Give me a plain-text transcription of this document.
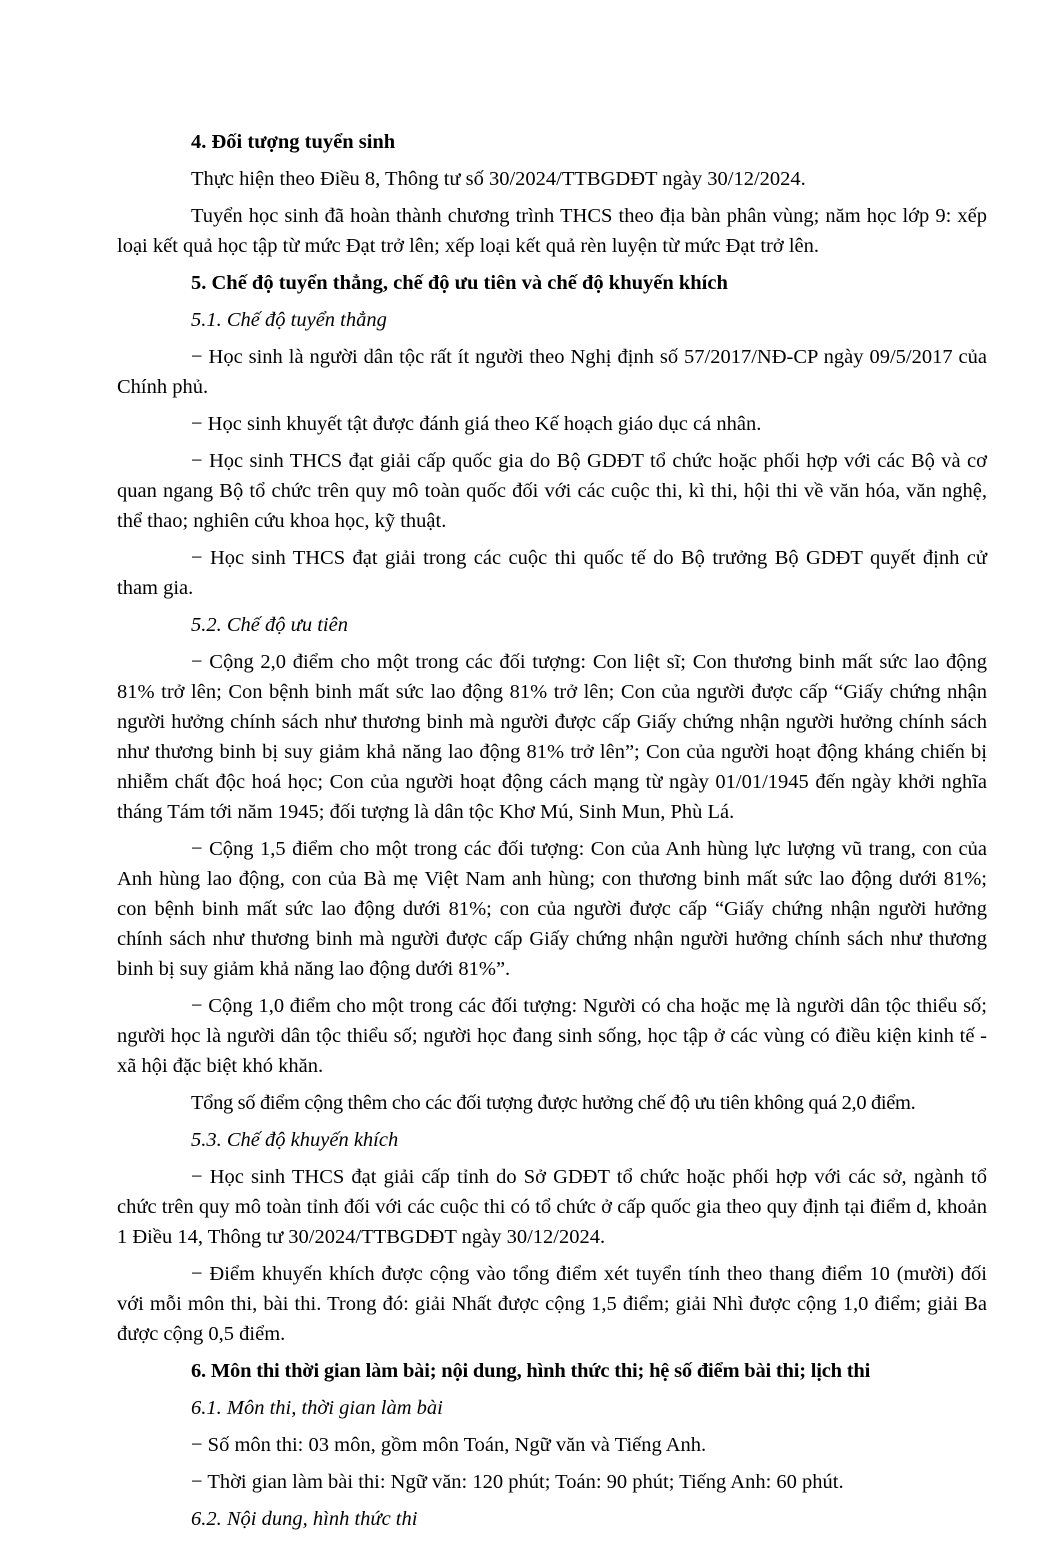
4. Đối tượng tuyển sinh

Thực hiện theo Điều 8, Thông tư số 30/2024/TTBGDĐT ngày 30/12/2024.

Tuyển học sinh đã hoàn thành chương trình THCS theo địa bàn phân vùng; năm học lớp 9: xếp loại kết quả học tập từ mức Đạt trở lên; xếp loại kết quả rèn luyện từ mức Đạt trở lên.

5. Chế độ tuyển thẳng, chế độ ưu tiên và chế độ khuyến khích

5.1. Chế độ tuyển thẳng

− Học sinh là người dân tộc rất ít người theo Nghị định số 57/2017/NĐ-CP ngày 09/5/2017 của Chính phủ.

− Học sinh khuyết tật được đánh giá theo Kế hoạch giáo dục cá nhân.

− Học sinh THCS đạt giải cấp quốc gia do Bộ GDĐT tổ chức hoặc phối hợp với các Bộ và cơ quan ngang Bộ tổ chức trên quy mô toàn quốc đối với các cuộc thi, kì thi, hội thi về văn hóa, văn nghệ, thể thao; nghiên cứu khoa học, kỹ thuật.

− Học sinh THCS đạt giải trong các cuộc thi quốc tế do Bộ trưởng Bộ GDĐT quyết định cử tham gia.

5.2. Chế độ ưu tiên

− Cộng 2,0 điểm cho một trong các đối tượng: Con liệt sĩ; Con thương binh mất sức lao động 81% trở lên; Con bệnh binh mất sức lao động 81% trở lên; Con của người được cấp “Giấy chứng nhận người hưởng chính sách như thương binh mà người được cấp Giấy chứng nhận người hưởng chính sách như thương binh bị suy giảm khả năng lao động 81% trở lên”; Con của người hoạt động kháng chiến bị nhiễm chất độc hoá học; Con của người hoạt động cách mạng từ ngày 01/01/1945 đến ngày khởi nghĩa tháng Tám tới năm 1945; đối tượng là dân tộc Khơ Mú, Sinh Mun, Phù Lá.

− Cộng 1,5 điểm cho một trong các đối tượng: Con của Anh hùng lực lượng vũ trang, con của Anh hùng lao động, con của Bà mẹ Việt Nam anh hùng; con thương binh mất sức lao động dưới 81%; con bệnh binh mất sức lao động dưới 81%; con của người được cấp “Giấy chứng nhận người hưởng chính sách như thương binh mà người được cấp Giấy chứng nhận người hưởng chính sách như thương binh bị suy giảm khả năng lao động dưới 81%”.

− Cộng 1,0 điểm cho một trong các đối tượng: Người có cha hoặc mẹ là người dân tộc thiểu số; người học là người dân tộc thiểu số; người học đang sinh sống, học tập ở các vùng có điều kiện kinh tế - xã hội đặc biệt khó khăn.

Tổng số điểm cộng thêm cho các đối tượng được hưởng chế độ ưu tiên không quá 2,0 điểm.

5.3. Chế độ khuyến khích

− Học sinh THCS đạt giải cấp tỉnh do Sở GDĐT tổ chức hoặc phối hợp với các sở, ngành tổ chức trên quy mô toàn tỉnh đối với các cuộc thi có tổ chức ở cấp quốc gia theo quy định tại điểm d, khoản 1 Điều 14, Thông tư 30/2024/TTBGDĐT ngày 30/12/2024.

− Điểm khuyến khích được cộng vào tổng điểm xét tuyển tính theo thang điểm 10 (mười) đối với mỗi môn thi, bài thi. Trong đó: giải Nhất được cộng 1,5 điểm; giải Nhì được cộng 1,0 điểm; giải Ba được cộng 0,5 điểm.

6. Môn thi thời gian làm bài; nội dung, hình thức thi; hệ số điểm bài thi; lịch thi

6.1. Môn thi, thời gian làm bài

− Số môn thi: 03 môn, gồm môn Toán, Ngữ văn và Tiếng Anh.

− Thời gian làm bài thi: Ngữ văn: 120 phút; Toán: 90 phút; Tiếng Anh: 60 phút.

6.2. Nội dung, hình thức thi
